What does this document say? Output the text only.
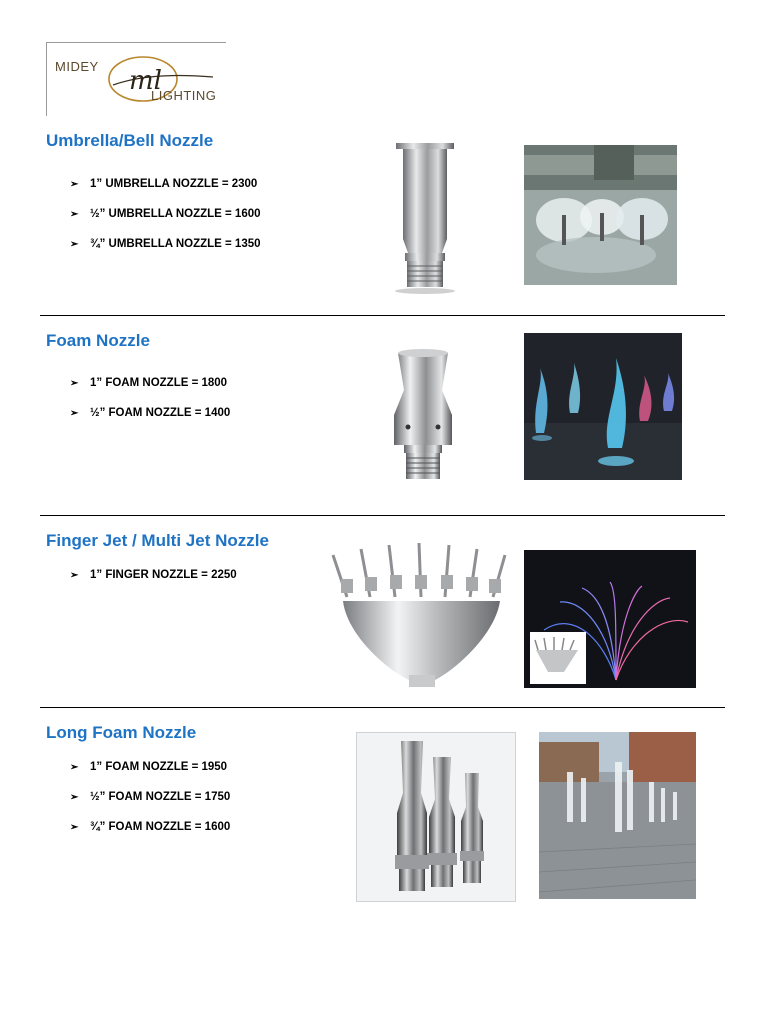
MIDEY ml
LIGHTING
Umbrella/Bell Nozzle
➢	1” UMBRELLA NOZZLE = 2300
➢	½” UMBRELLA NOZZLE = 1600
➢	¾” UMBRELLA NOZZLE = 1350
Foam Nozzle
➢	1” FOAM NOZZLE = 1800
➢	½” FOAM NOZZLE = 1400
Finger Jet / Multi Jet Nozzle
➢	1” FINGER NOZZLE = 2250
Long Foam Nozzle
➢	1” FOAM NOZZLE = 1950
➢	½” FOAM NOZZLE = 1750
➢	¾” FOAM NOZZLE = 1600
